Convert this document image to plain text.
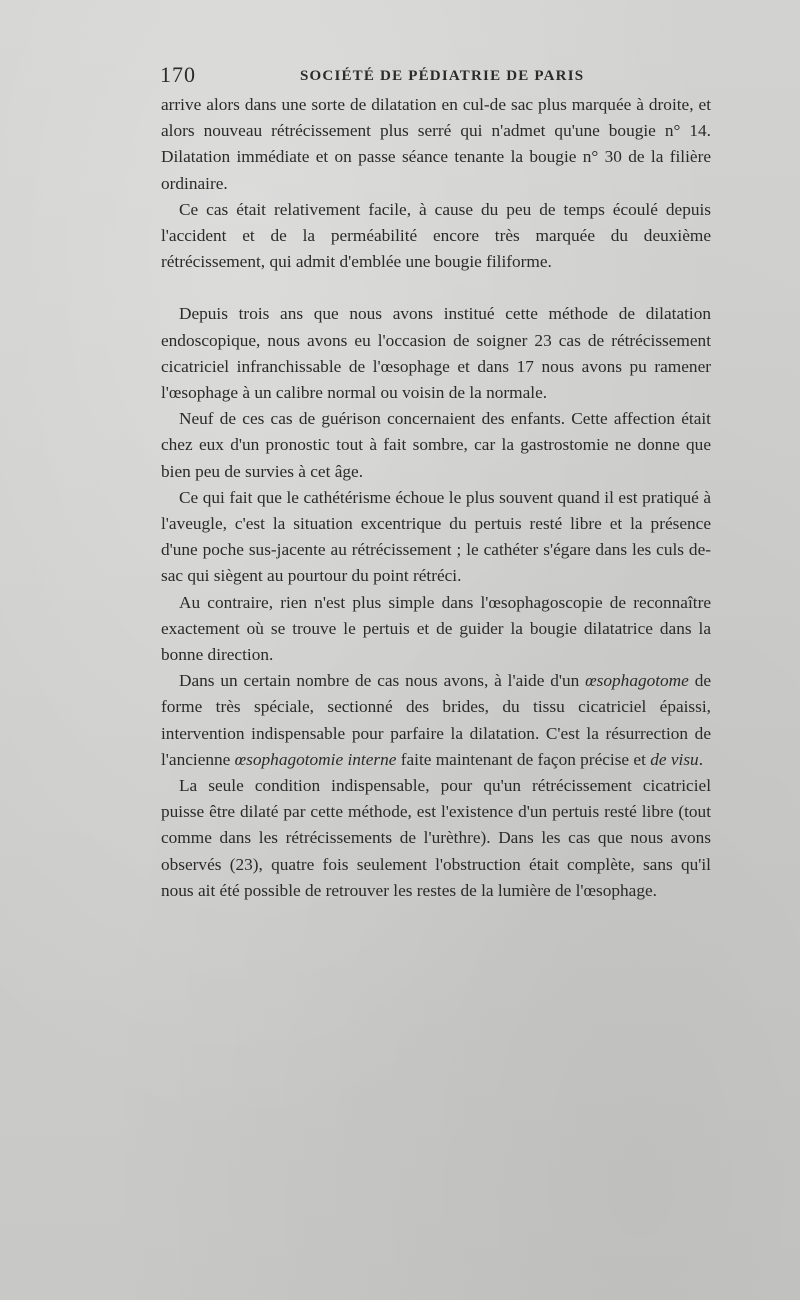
170	SOCIÉTÉ DE PÉDIATRIE DE PARIS

arrive alors dans une sorte de dilatation en cul-de sac plus marquée à droite, et alors nouveau rétrécissement plus serré qui n'admet qu'une bougie n° 14. Dilatation immédiate et on passe séance tenante la bougie n° 30 de la filière ordinaire.

Ce cas était relativement facile, à cause du peu de temps écoulé depuis l'accident et de la perméabilité encore très marquée du deuxième rétrécissement, qui admit d'emblée une bougie filiforme.

Depuis trois ans que nous avons institué cette méthode de dilatation endoscopique, nous avons eu l'occasion de soigner 23 cas de rétrécissement cicatriciel infranchissable de l'œsophage et dans 17 nous avons pu ramener l'œsophage à un calibre normal ou voisin de la normale.

Neuf de ces cas de guérison concernaient des enfants. Cette affection était chez eux d'un pronostic tout à fait sombre, car la gastrostomie ne donne que bien peu de survies à cet âge.

Ce qui fait que le cathétérisme échoue le plus souvent quand il est pratiqué à l'aveugle, c'est la situation excentrique du pertuis resté libre et la présence d'une poche sus-jacente au rétrécissement ; le cathéter s'égare dans les culs de-sac qui siègent au pourtour du point rétréci.

Au contraire, rien n'est plus simple dans l'œsophagoscopie de reconnaître exactement où se trouve le pertuis et de guider la bougie dilatatrice dans la bonne direction.

Dans un certain nombre de cas nous avons, à l'aide d'un œsophagotome de forme très spéciale, sectionné des brides, du tissu cicatriciel épaissi, intervention indispensable pour parfaire la dilatation. C'est la résurrection de l'ancienne œsophagotomie interne faite maintenant de façon précise et de visu.

La seule condition indispensable, pour qu'un rétrécissement cicatriciel puisse être dilaté par cette méthode, est l'existence d'un pertuis resté libre (tout comme dans les rétrécissements de l'urèthre). Dans les cas que nous avons observés (23), quatre fois seulement l'obstruction était complète, sans qu'il nous ait été possible de retrouver les restes de la lumière de l'œsophage.
